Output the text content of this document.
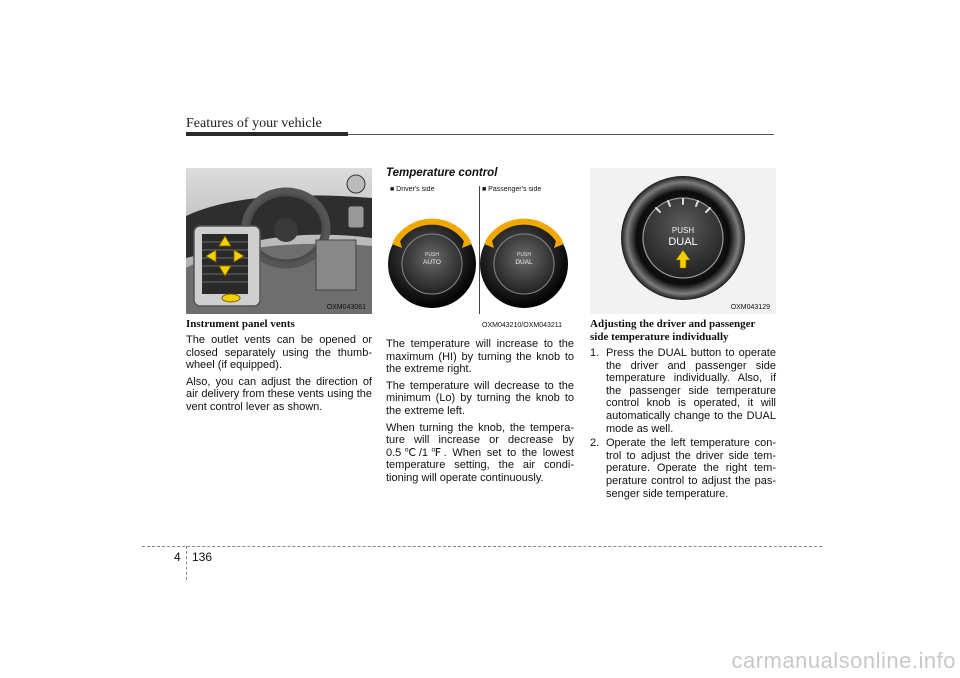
Features of your vehicle
OXM043061
■ Driver's side	■ Passenger's side
PUSH
AUTO
PUSH
DUAL
OXM043210/OXM043211
PUSH
DUAL
OXM043129
Instrument panel vents

The outlet vents can be opened or closed separately using the thumb-wheel (if equipped).

Also, you can adjust the direction of air delivery from these vents using the vent control lever as shown.

Temperature control

The temperature will increase to the maximum (HI) by turning the knob to the extreme right.

The temperature will decrease to the minimum (Lo) by turning the knob to the extreme left.

When turning the knob, the tempera-ture will increase or decrease by 0.5℃/1℉. When set to the lowest temperature setting, the air condi-tioning will operate continuously.

Adjusting the driver and passenger side temperature individually
1. Press the DUAL button to operate the driver and passenger side temperature individually. Also, if the passenger side temperature control knob is operated, it will automatically change to the DUAL mode as well.
2. Operate the left temperature con-trol to adjust the driver side tem-perature. Operate the right tem-perature control to adjust the pas-senger side temperature.
4 136
carmanualsonline.info
